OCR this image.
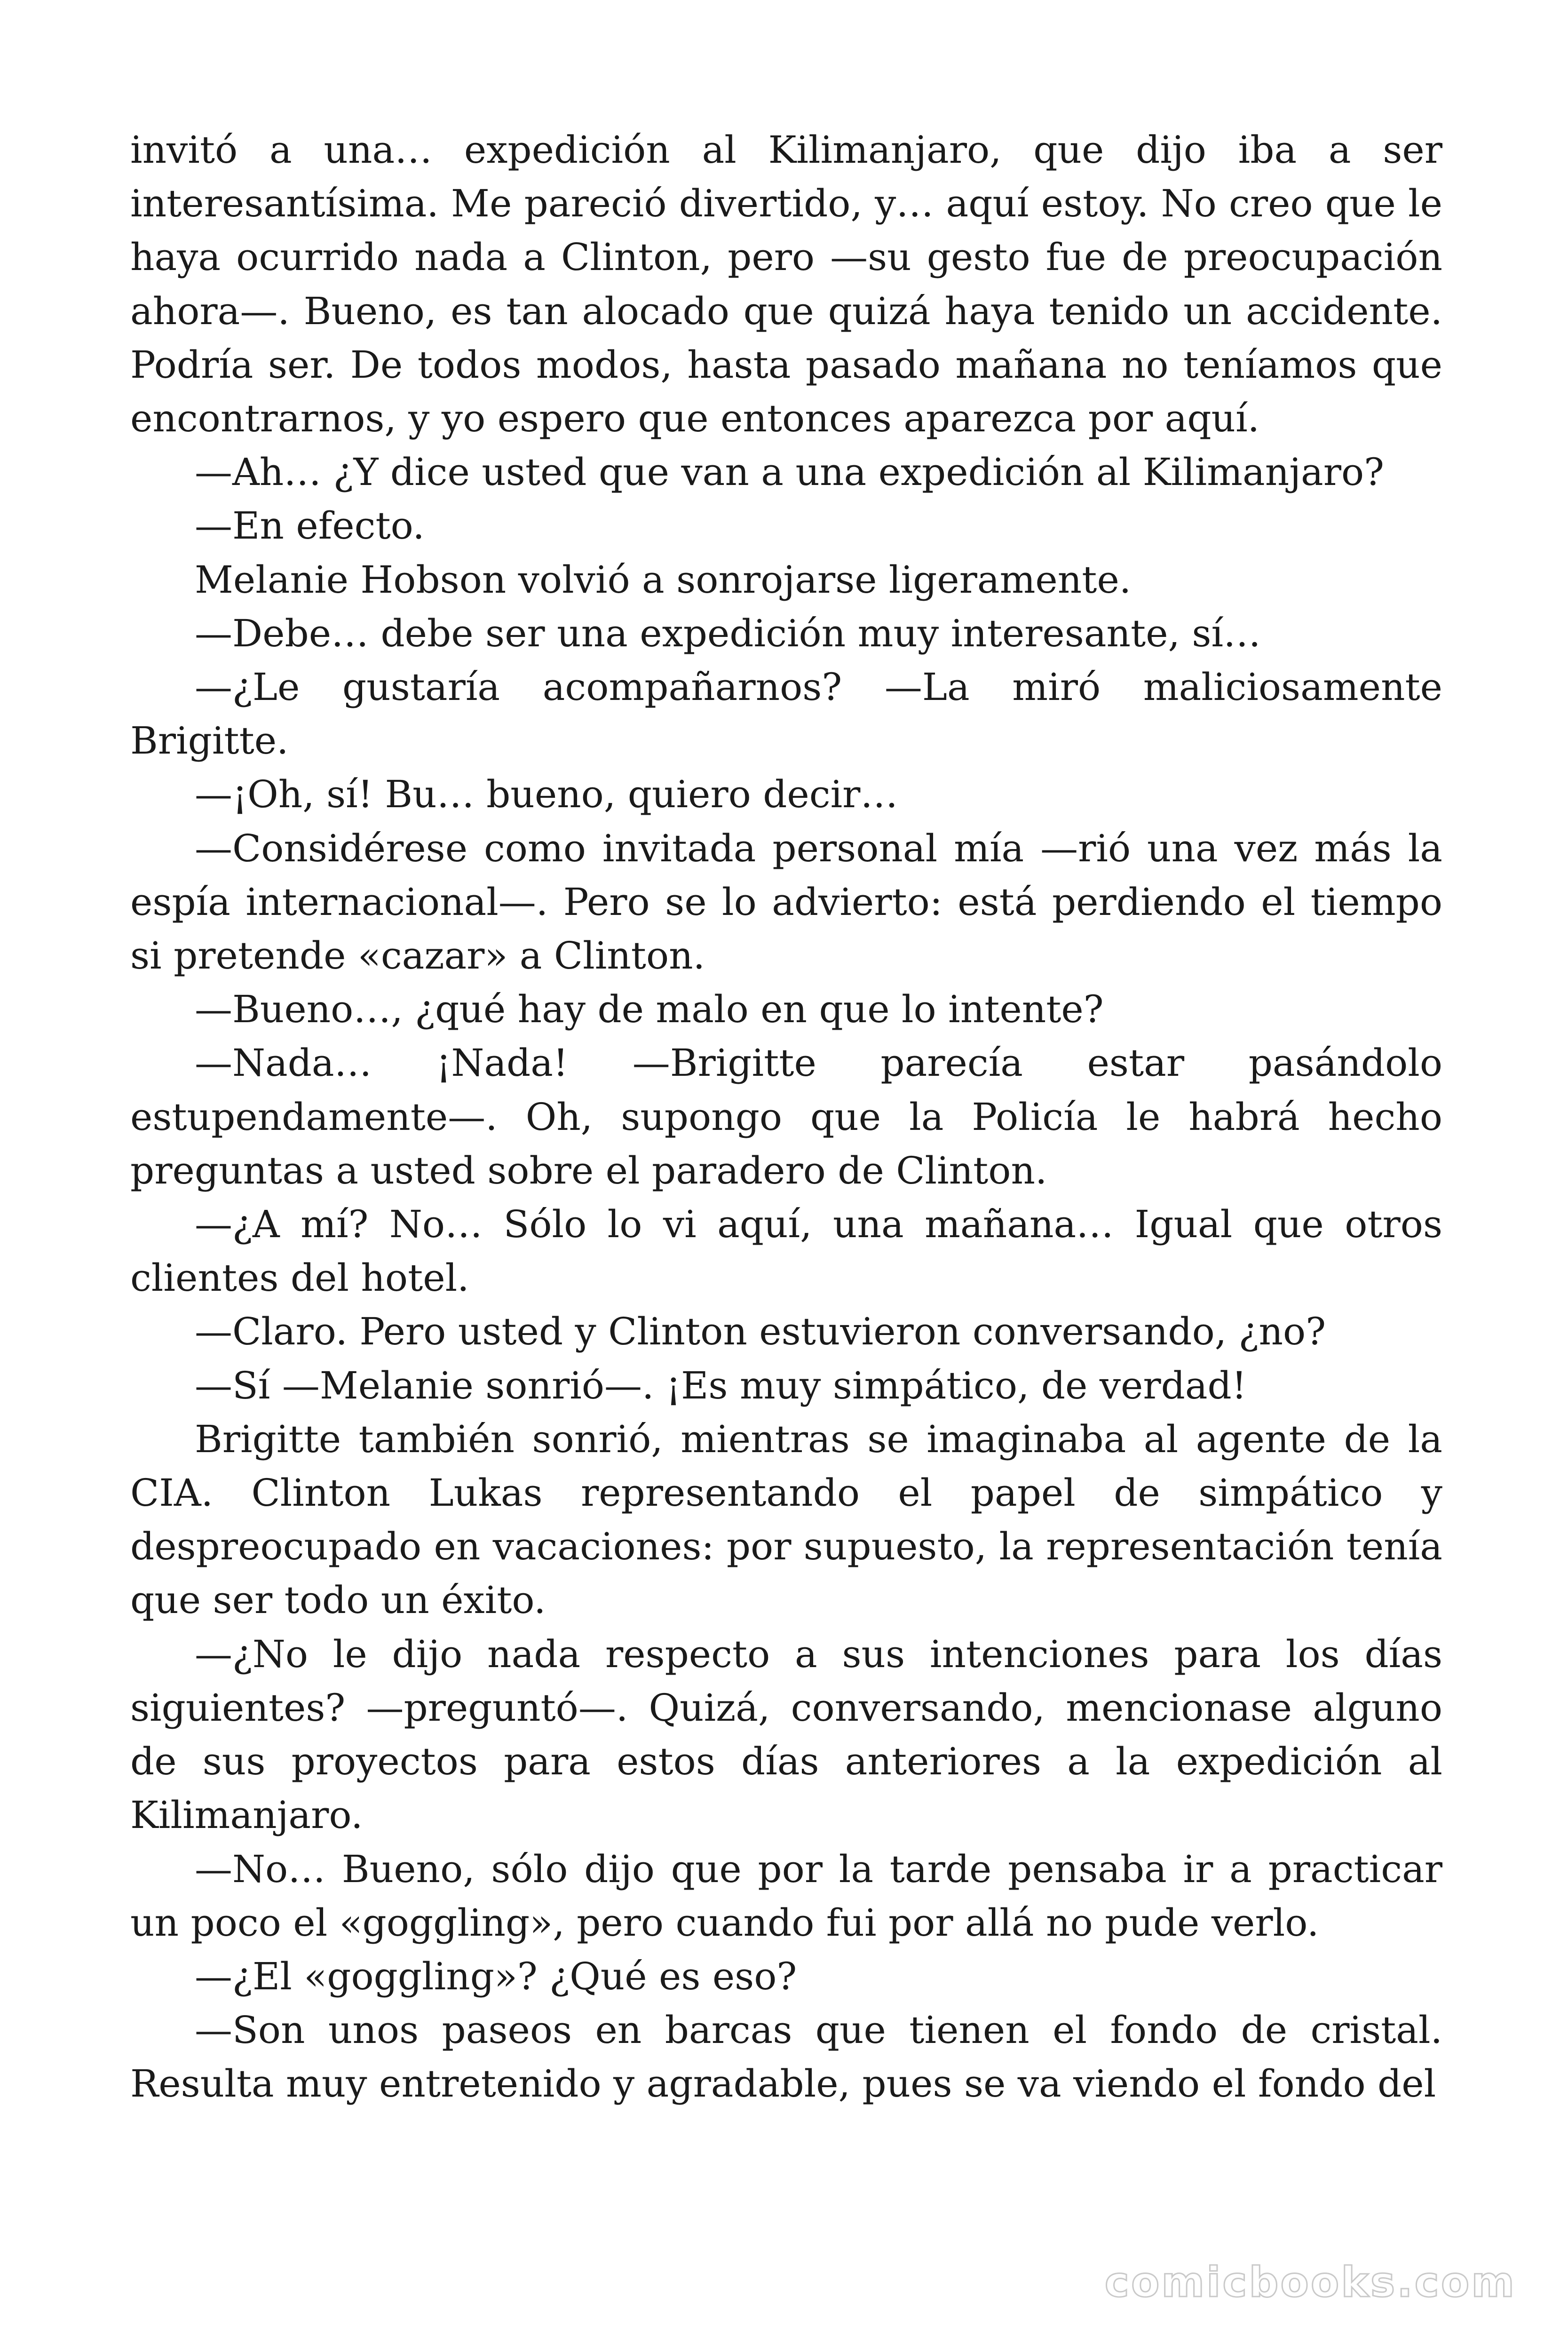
invitó a una… expedición al Kilimanjaro, que dijo iba a ser interesantísima. Me pareció divertido, y… aquí estoy. No creo que le haya ocurrido nada a Clinton, pero —su gesto fue de preocupación ahora—. Bueno, es tan alocado que quizá haya tenido un accidente. Podría ser. De todos modos, hasta pasado mañana no teníamos que encontrarnos, y yo espero que entonces aparezca por aquí.

—Ah… ¿Y dice usted que van a una expedición al Kilimanjaro?

—En efecto.

Melanie Hobson volvió a sonrojarse ligeramente.

—Debe… debe ser una expedición muy interesante, sí…

—¿Le gustaría acompañarnos? —La miró maliciosamente Brigitte.

—¡Oh, sí! Bu… bueno, quiero decir…

—Considérese como invitada personal mía —rió una vez más la espía internacional—. Pero se lo advierto: está perdiendo el tiempo si pretende «cazar» a Clinton.

—Bueno…, ¿qué hay de malo en que lo intente?

—Nada… ¡Nada! —Brigitte parecía estar pasándolo estupendamente—. Oh, supongo que la Policía le habrá hecho preguntas a usted sobre el paradero de Clinton.

—¿A mí? No… Sólo lo vi aquí, una mañana… Igual que otros clientes del hotel.

—Claro. Pero usted y Clinton estuvieron conversando, ¿no?

—Sí —Melanie sonrió—. ¡Es muy simpático, de verdad!

Brigitte también sonrió, mientras se imaginaba al agente de la CIA. Clinton Lukas representando el papel de simpático y despreocupado en vacaciones: por supuesto, la representación tenía que ser todo un éxito.

—¿No le dijo nada respecto a sus intenciones para los días siguientes? —preguntó—. Quizá, conversando, mencionase alguno de sus proyectos para estos días anteriores a la expedición al Kilimanjaro.

—No… Bueno, sólo dijo que por la tarde pensaba ir a practicar un poco el «goggling», pero cuando fui por allá no pude verlo.

—¿El «goggling»? ¿Qué es eso?

—Son unos paseos en barcas que tienen el fondo de cristal. Resulta muy entretenido y agradable, pues se va viendo el fondo del

comicbooks.com
